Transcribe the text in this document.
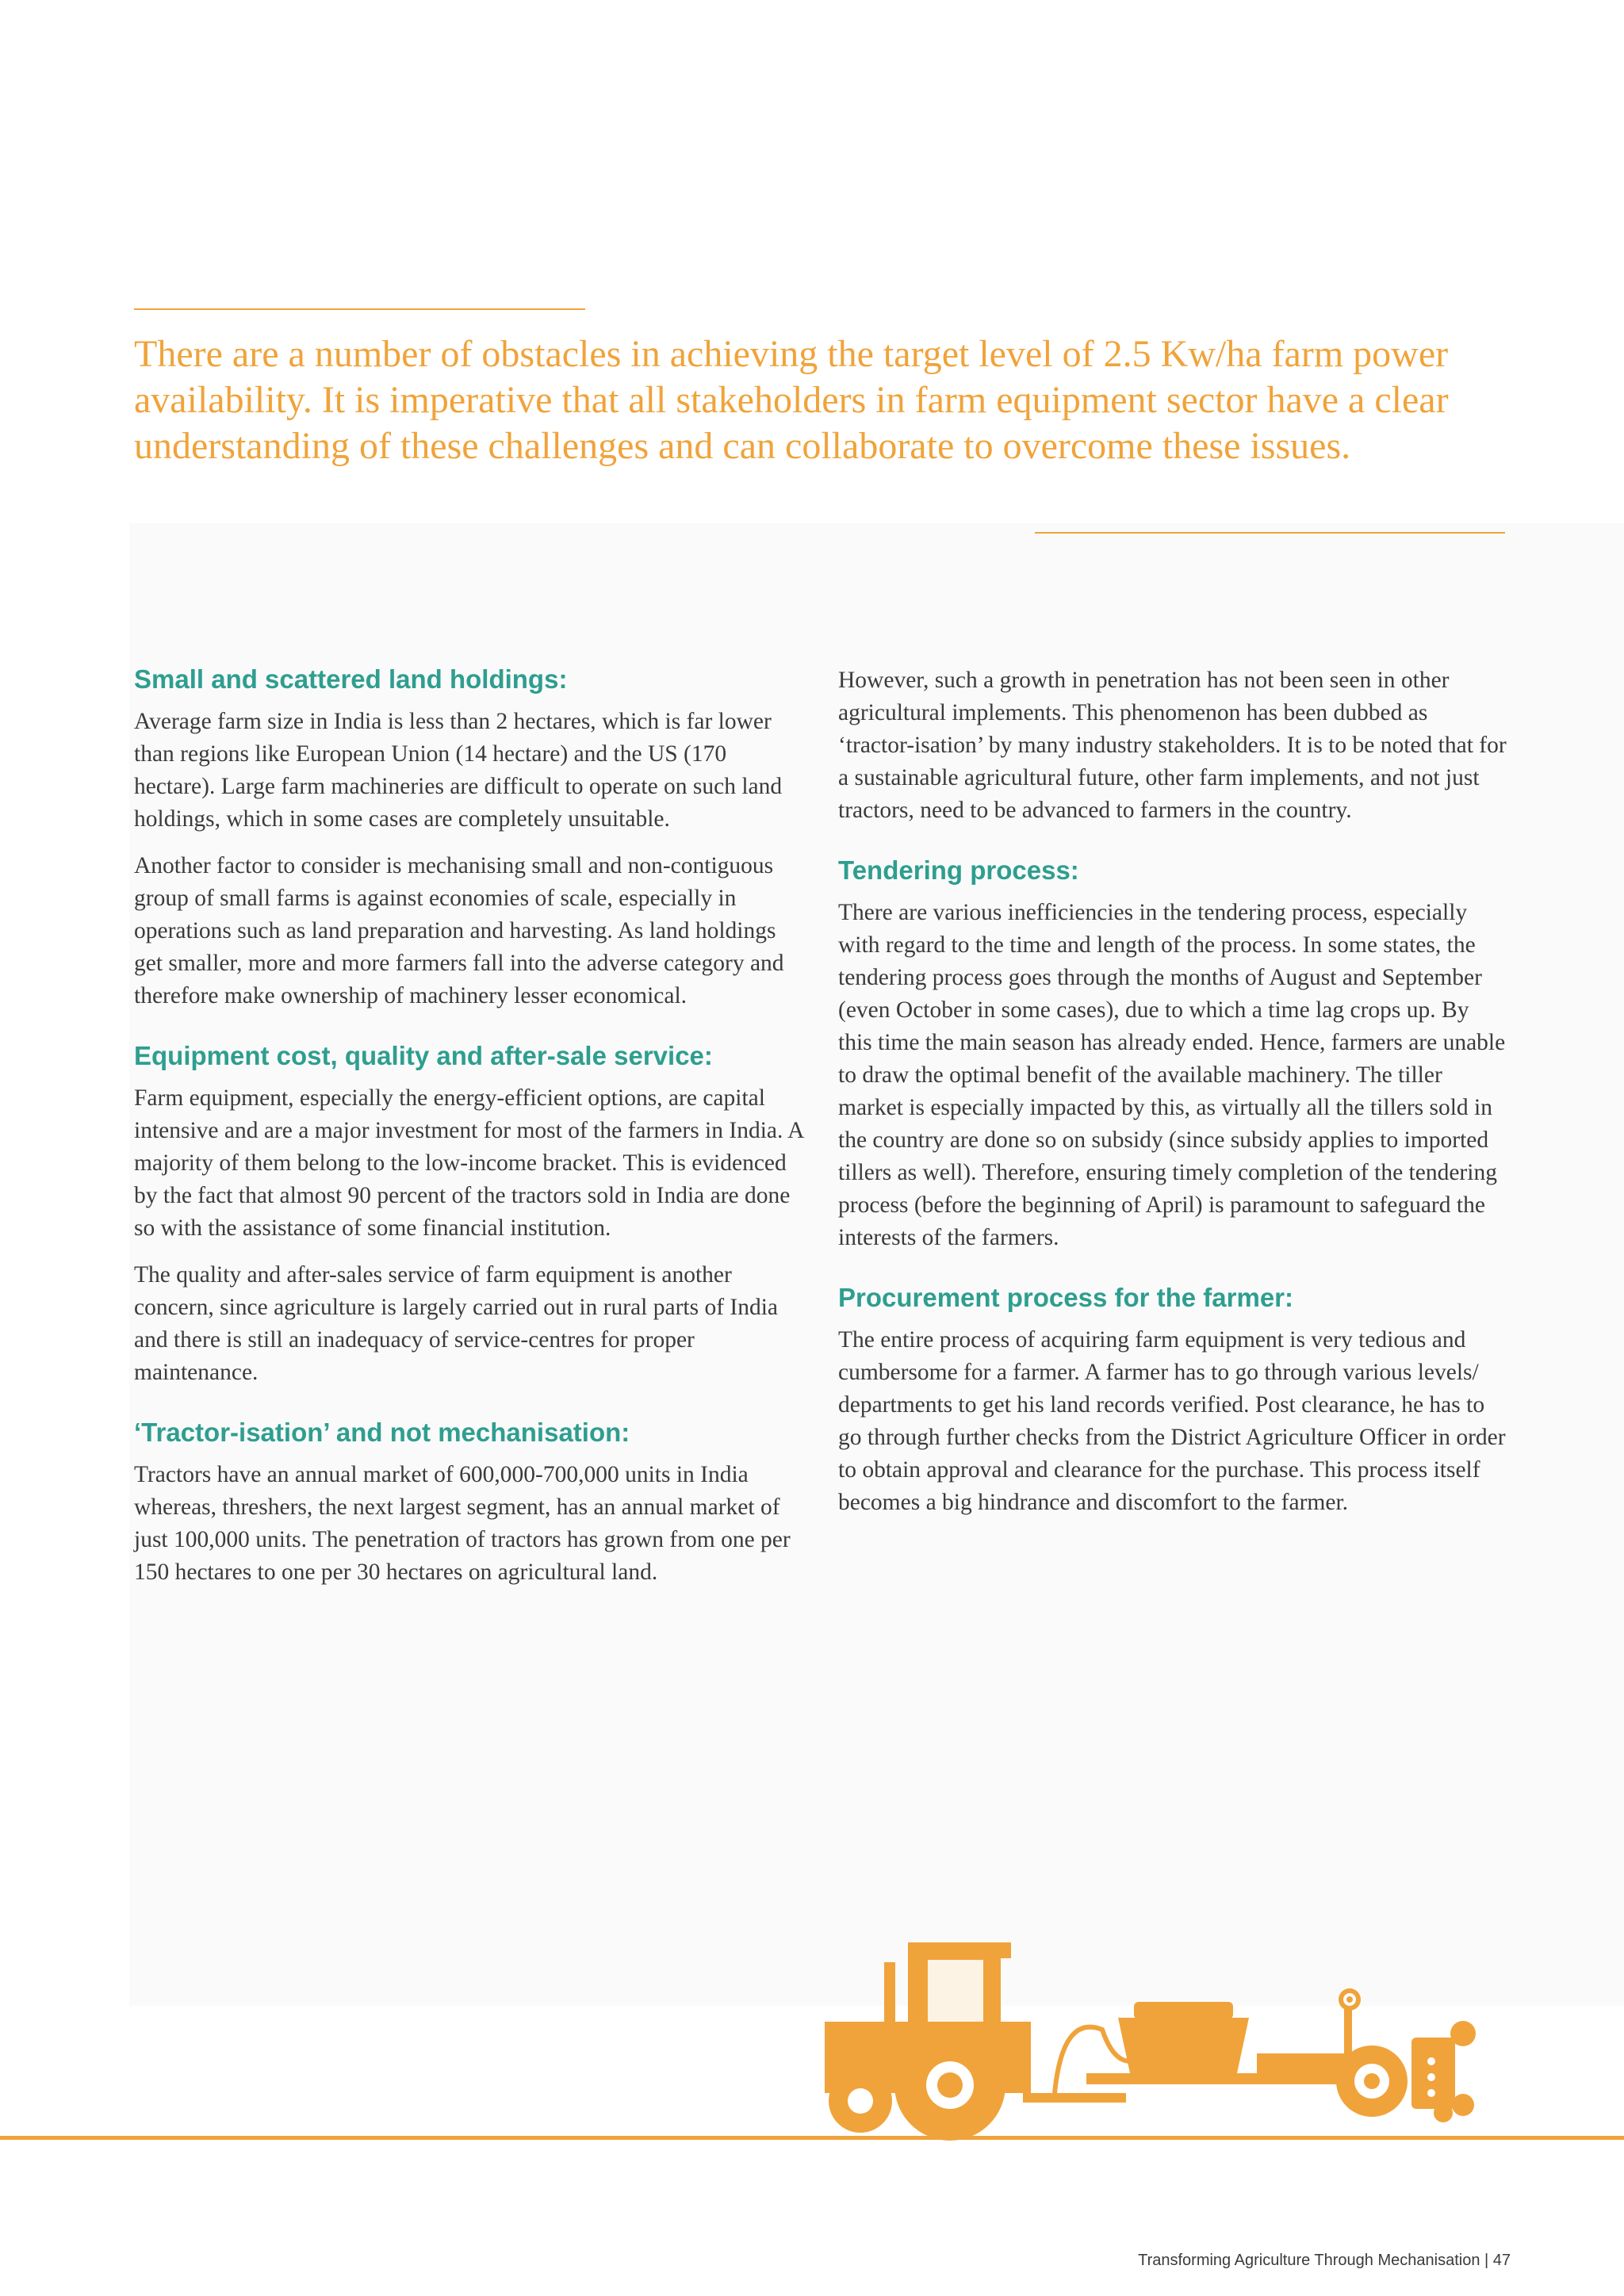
There are a number of obstacles in achieving the target level of 2.5 Kw/ha farm power availability. It is imperative that all stakeholders in farm equipment sector have a clear understanding of these challenges and can collaborate to overcome these issues.

Small and scattered land holdings:

Average farm size in India is less than 2 hectares, which is far lower than regions like European Union (14 hectare) and the US (170 hectare). Large farm machineries are difficult to operate on such land holdings, which in some cases are completely unsuitable.

Another factor to consider is mechanising small and non-contiguous group of small farms is against economies of scale, especially in operations such as land preparation and harvesting. As land holdings get smaller, more and more farmers fall into the adverse category and therefore make ownership of machinery lesser economical.

Equipment cost, quality and after-sale service:

Farm equipment, especially the energy-efficient options, are capital intensive and are a major investment for most of the farmers in India. A majority of them belong to the low-income bracket. This is evidenced by the fact that almost 90 percent of the tractors sold in India are done so with the assistance of some financial institution.

The quality and after-sales service of farm equipment is another concern, since agriculture is largely carried out in rural parts of India and there is still an inadequacy of service-centres for proper maintenance.

‘Tractor-isation’ and not mechanisation:

Tractors have an annual market of 600,000-700,000 units in India whereas, threshers, the next largest segment, has an annual market of just 100,000 units. The penetration of tractors has grown from one per 150 hectares to one per 30 hectares on agricultural land.

However, such a growth in penetration has not been seen in other agricultural implements. This phenomenon has been dubbed as ‘tractor-isation’ by many industry stakeholders. It is to be noted that for a sustainable agricultural future, other farm implements, and not just tractors, need to be advanced to farmers in the country.

Tendering process:

There are various inefficiencies in the tendering process, especially with regard to the time and length of the process. In some states, the tendering process goes through the months of August and September (even October in some cases), due to which a time lag crops up. By this time the main season has already ended. Hence, farmers are unable to draw the optimal benefit of the available machinery. The tiller market is especially impacted by this, as virtually all the tillers sold in the country are done so on subsidy (since subsidy applies to imported tillers as well). Therefore, ensuring timely completion of the tendering process (before the beginning of April) is paramount to safeguard the interests of the farmers.

Procurement process for the farmer:

The entire process of acquiring farm equipment is very tedious and cumbersome for a farmer. A farmer has to go through various levels/ departments to get his land records verified. Post clearance, he has to go through further checks from the District Agriculture Officer in order to obtain approval and clearance for the purchase. This process itself becomes a big hindrance and discomfort to the farmer.

Transforming Agriculture Through Mechanisation | 47
